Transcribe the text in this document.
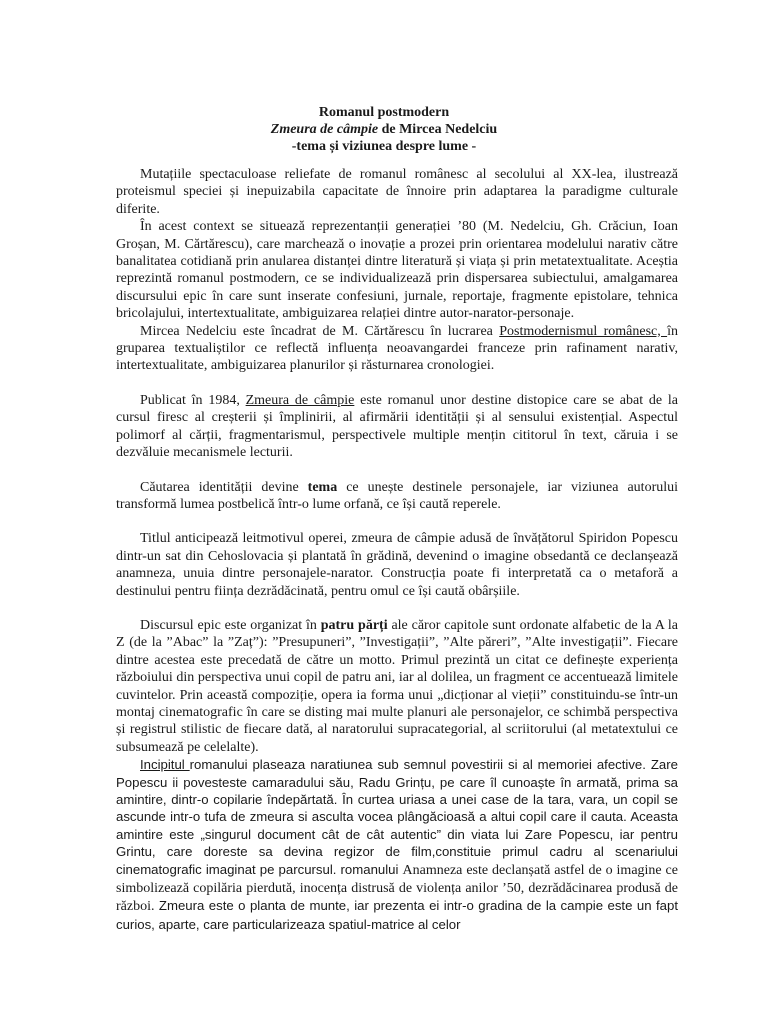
Romanul postmodern
Zmeura de câmpie de Mircea Nedelciu
-tema și viziunea despre lume -

Mutațiile spectaculoase reliefate de romanul românesc al secolului al XX-lea, ilustrează proteismul speciei și inepuizabila capacitate de înnoire prin adaptarea la paradigme culturale diferite.

În acest context se situează reprezentanții generației ’80 (M. Nedelciu, Gh. Crăciun, Ioan Groșan, M. Cărtărescu), care marchează o inovație a prozei prin orientarea modelului narativ către banalitatea cotidiană prin anularea distanței dintre literatură și viața și prin metatextualitate. Aceștia reprezintă romanul postmodern, ce se individualizează prin dispersarea subiectului, amalgamarea discursului epic în care sunt inserate confesiuni, jurnale, reportaje, fragmente epistolare, tehnica bricolajului, intertextualitate, ambiguizarea relației dintre autor-narator-personaje.

Mircea Nedelciu este încadrat de M. Cărtărescu în lucrarea Postmodernismul românesc, în gruparea textualiștilor ce reflectă influența neoavangardei franceze prin rafinament narativ, intertextualitate, ambiguizarea planurilor și răsturnarea cronologiei.

Publicat în 1984, Zmeura de câmpie este romanul unor destine distopice care se abat de la cursul firesc al creșterii și împlinirii, al afirmării identității și al sensului existențial. Aspectul polimorf al cărții, fragmentarismul, perspectivele multiple mențin cititorul în text, căruia i se dezvăluie mecanismele lecturii.

Căutarea identității devine tema ce unește destinele personajele, iar viziunea autorului transformă lumea postbelică într-o lume orfană, ce își caută reperele.

Titlul anticipează leitmotivul operei, zmeura de câmpie adusă de învățătorul Spiridon Popescu dintr-un sat din Cehoslovacia și plantată în grădină, devenind o imagine obsedantă ce declanșează anamneza, unuia dintre personajele-narator. Construcția poate fi interpretată ca o metaforă a destinului pentru ființa dezrădăcinată, pentru omul ce își caută obârșiile.

Discursul epic este organizat în patru părți ale căror capitole sunt ordonate alfabetic de la A la Z (de la ”Abac” la ”Zaț”): ”Presupuneri”, ”Investigații”, ”Alte păreri”, ”Alte investigații”. Fiecare dintre acestea este precedată de către un motto. Primul prezintă un citat ce definește experiența războiului din perspectiva unui copil de patru ani, iar al dolilea, un fragment ce accentuează limitele cuvintelor. Prin această compoziție, opera ia forma unui „dicționar al vieții” constituindu-se într-un montaj cinematografic în care se disting mai multe planuri ale personajelor, ce schimbă perspectiva și registrul stilistic de fiecare dată, al naratorului supracategorial, al scriitorului (al metatextului ce subsumează pe celelalte).

Incipitul romanului plaseaza naratiunea sub semnul povestirii si al memoriei afective. Zare Popescu ii povesteste camaradului său, Radu Grințu, pe care îl cunoaște în armată, prima sa amintire, dintr-o copilarie îndepărtată. În curtea uriasa a unei case de la tara, vara, un copil se ascunde intr-o tufa de zmeura si asculta vocea plângăcioasă a altui copil care il cauta. Aceasta amintire este „singurul document cât de cât autentic” din viata lui Zare Popescu, iar pentru Grintu, care doreste sa devina regizor de film,constituie primul cadru al scenariului cinematografic imaginat pe parcursul. romanului Anamneza este declanșată astfel de o imagine ce simbolizează copilăria pierdută, inocența distrusă de violența anilor ’50, dezrădăcinarea produsă de război. Zmeura este o planta de munte, iar prezenta ei intr-o gradina de la campie este un fapt curios, aparte, care particularizeaza spatiul-matrice al celor
